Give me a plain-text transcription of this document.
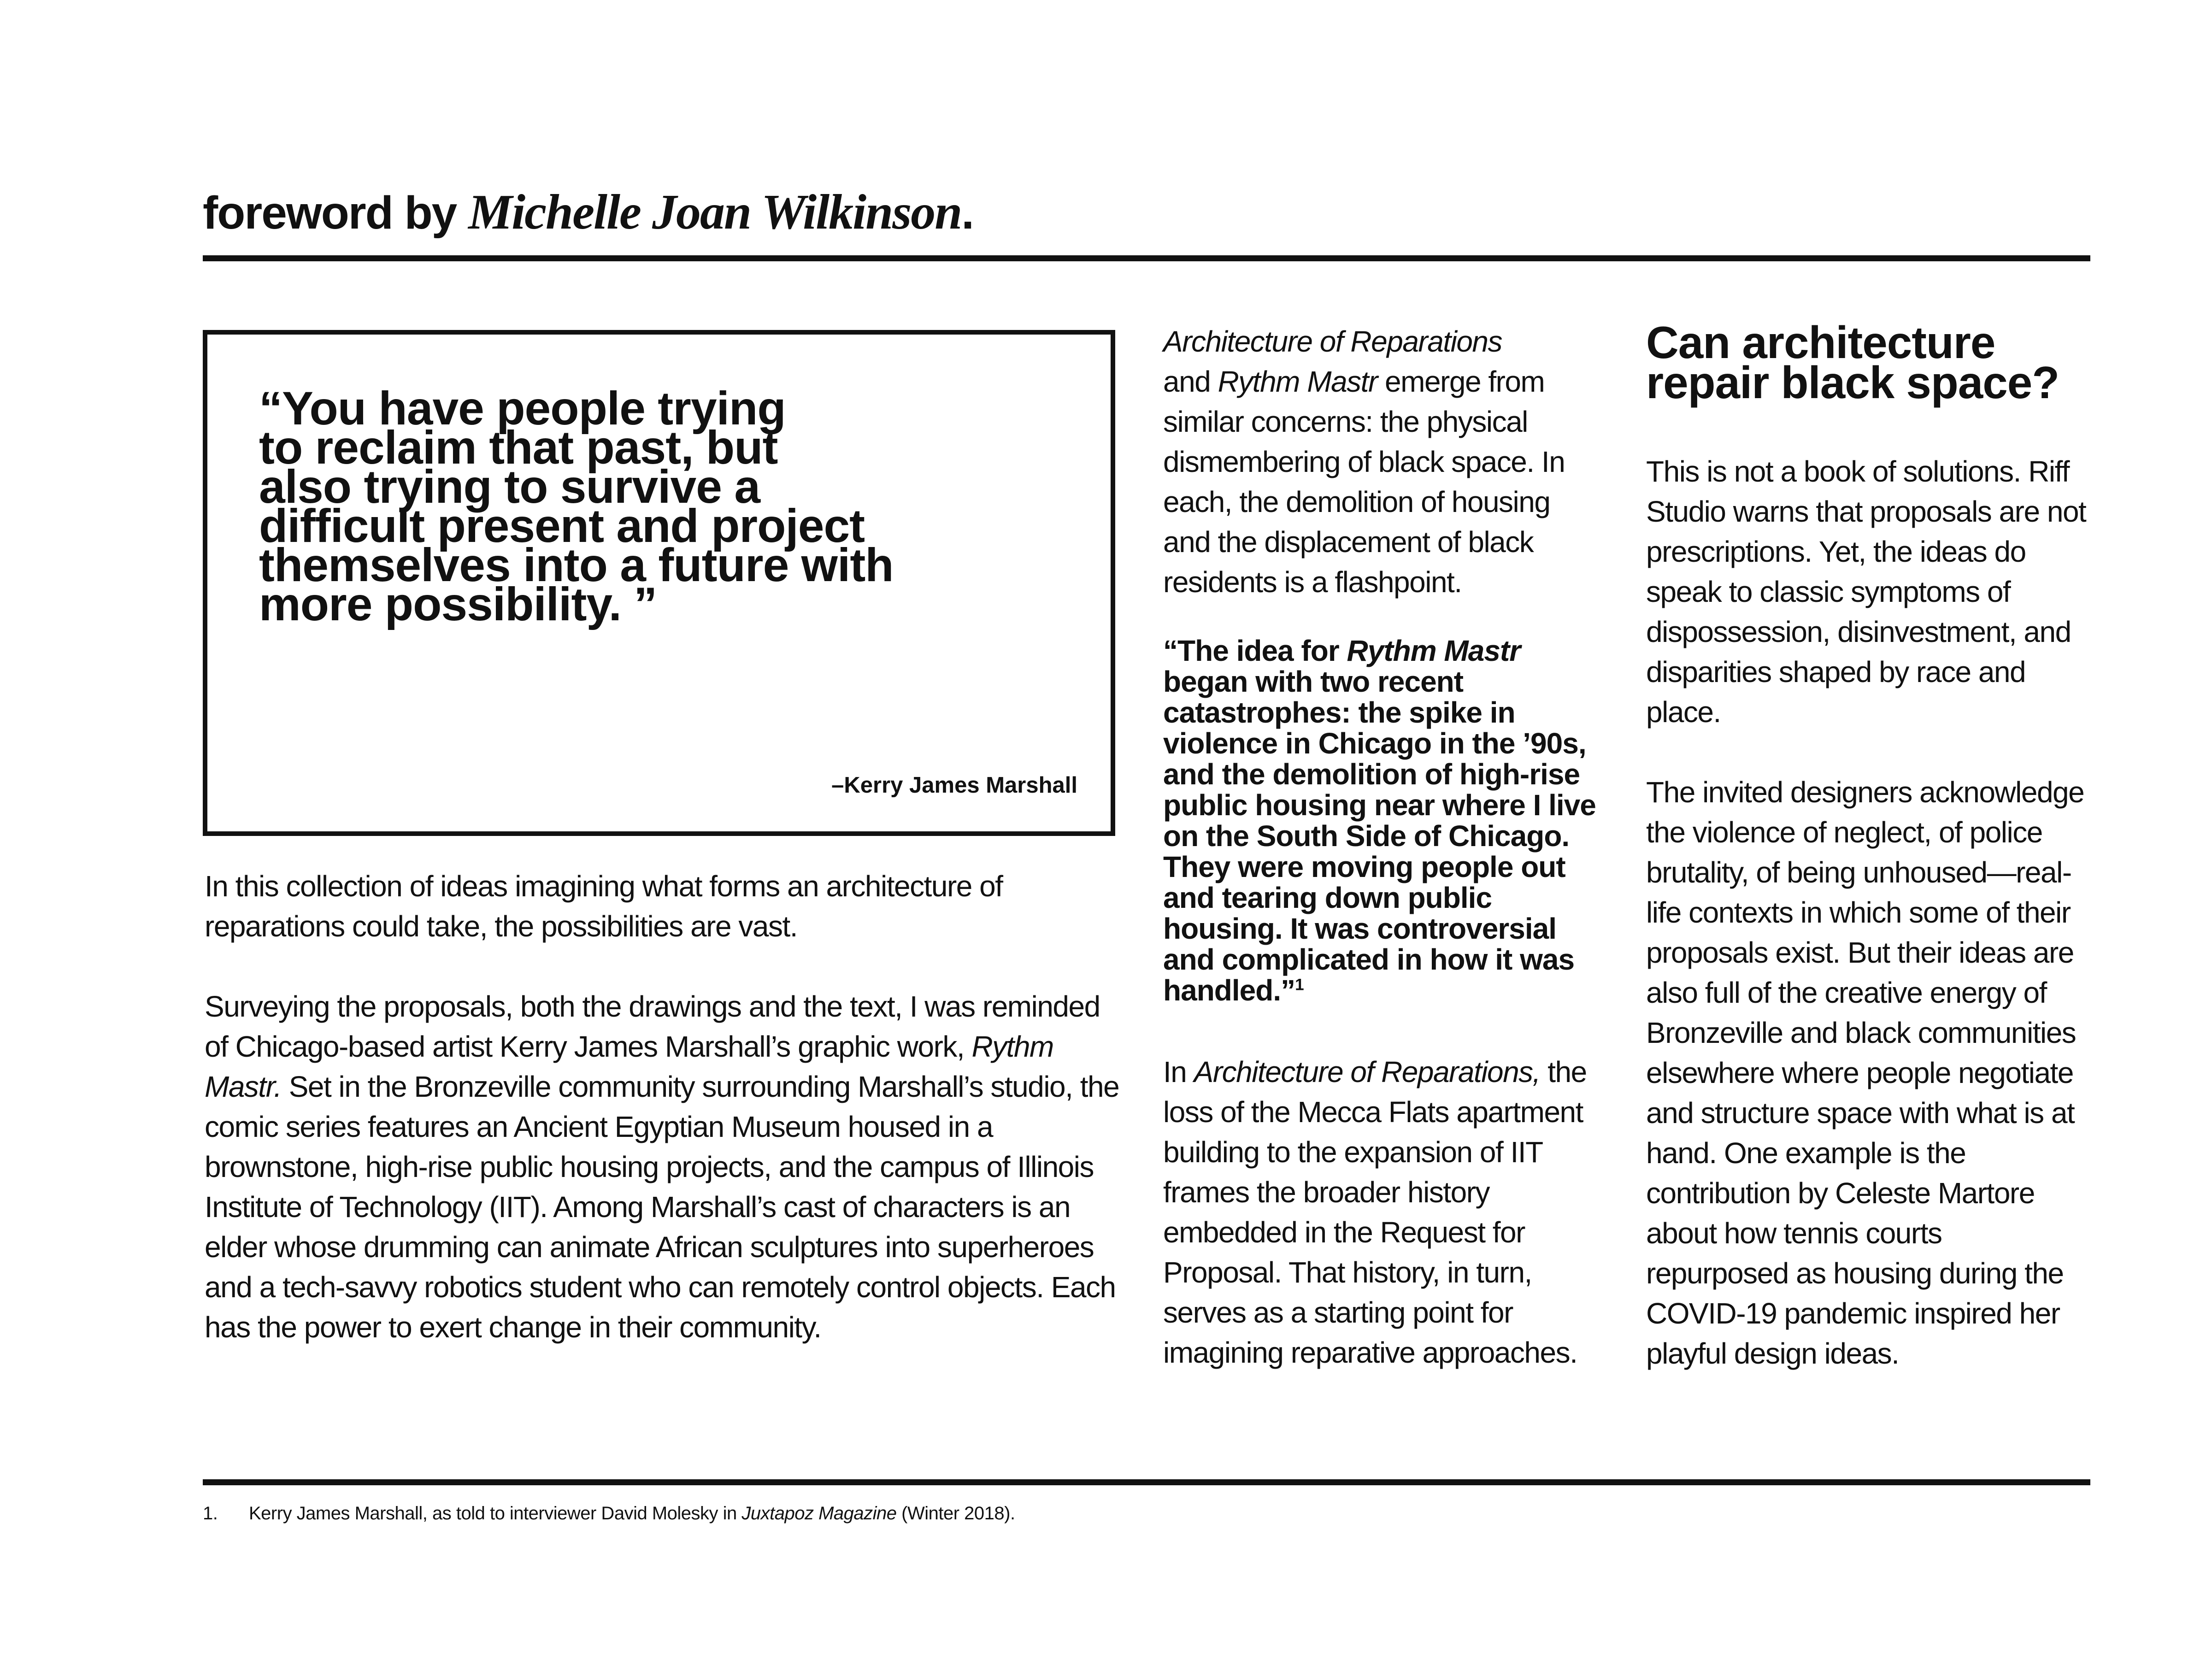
foreword by Michelle Joan Wilkinson.
“You have people trying
to reclaim that past, but
also trying to survive a
difficult present and project
themselves into a future with
more possibility. ”
–Kerry James Marshall

In this collection of ideas imagining what forms an architecture of reparations could take, the possibilities are vast.

Surveying the proposals, both the drawings and the text, I was reminded of Chicago-based artist Kerry James Marshall’s graphic work, Rythm Mastr. Set in the Bronzeville community surrounding Marshall’s studio, the comic series features an Ancient Egyptian Museum housed in a brownstone, high-rise public housing projects, and the campus of Illinois Institute of Technology (IIT). Among Marshall’s cast of characters is an elder whose drumming can animate African sculptures into superheroes and a tech-savvy robotics student who can remotely control objects. Each has the power to exert change in their community.

Architecture of Reparations
and Rythm Mastr emerge from similar concerns: the physical dismembering of black space. In each, the demolition of housing and the displacement of black residents is a flashpoint.

“The idea for Rythm Mastr began with two recent catastrophes: the spike in violence in Chicago in the ’90s, and the demolition of high-rise public housing near where I live on the South Side of Chicago. They were moving people out and tearing down public housing. It was controversial and complicated in how it was handled.”$^1$

In Architecture of Reparations, the loss of the Mecca Flats apartment building to the expansion of IIT frames the broader history embedded in the Request for Proposal. That history, in turn, serves as a starting point for imagining reparative approaches.

Can architecture repair black space?

This is not a book of solutions. Riff Studio warns that proposals are not prescriptions. Yet, the ideas do speak to classic symptoms of dispossession, disinvestment, and disparities shaped by race and place.

The invited designers acknowledge the violence of neglect, of police brutality, of being unhoused—real-life contexts in which some of their proposals exist. But their ideas are also full of the creative energy of Bronzeville and black communities elsewhere where people negotiate and structure space with what is at hand. One example is the contribution by Celeste Martore about how tennis courts repurposed as housing during the COVID-19 pandemic inspired her playful design ideas.

1. Kerry James Marshall, as told to interviewer David Molesky in Juxtapoz Magazine (Winter 2018).
